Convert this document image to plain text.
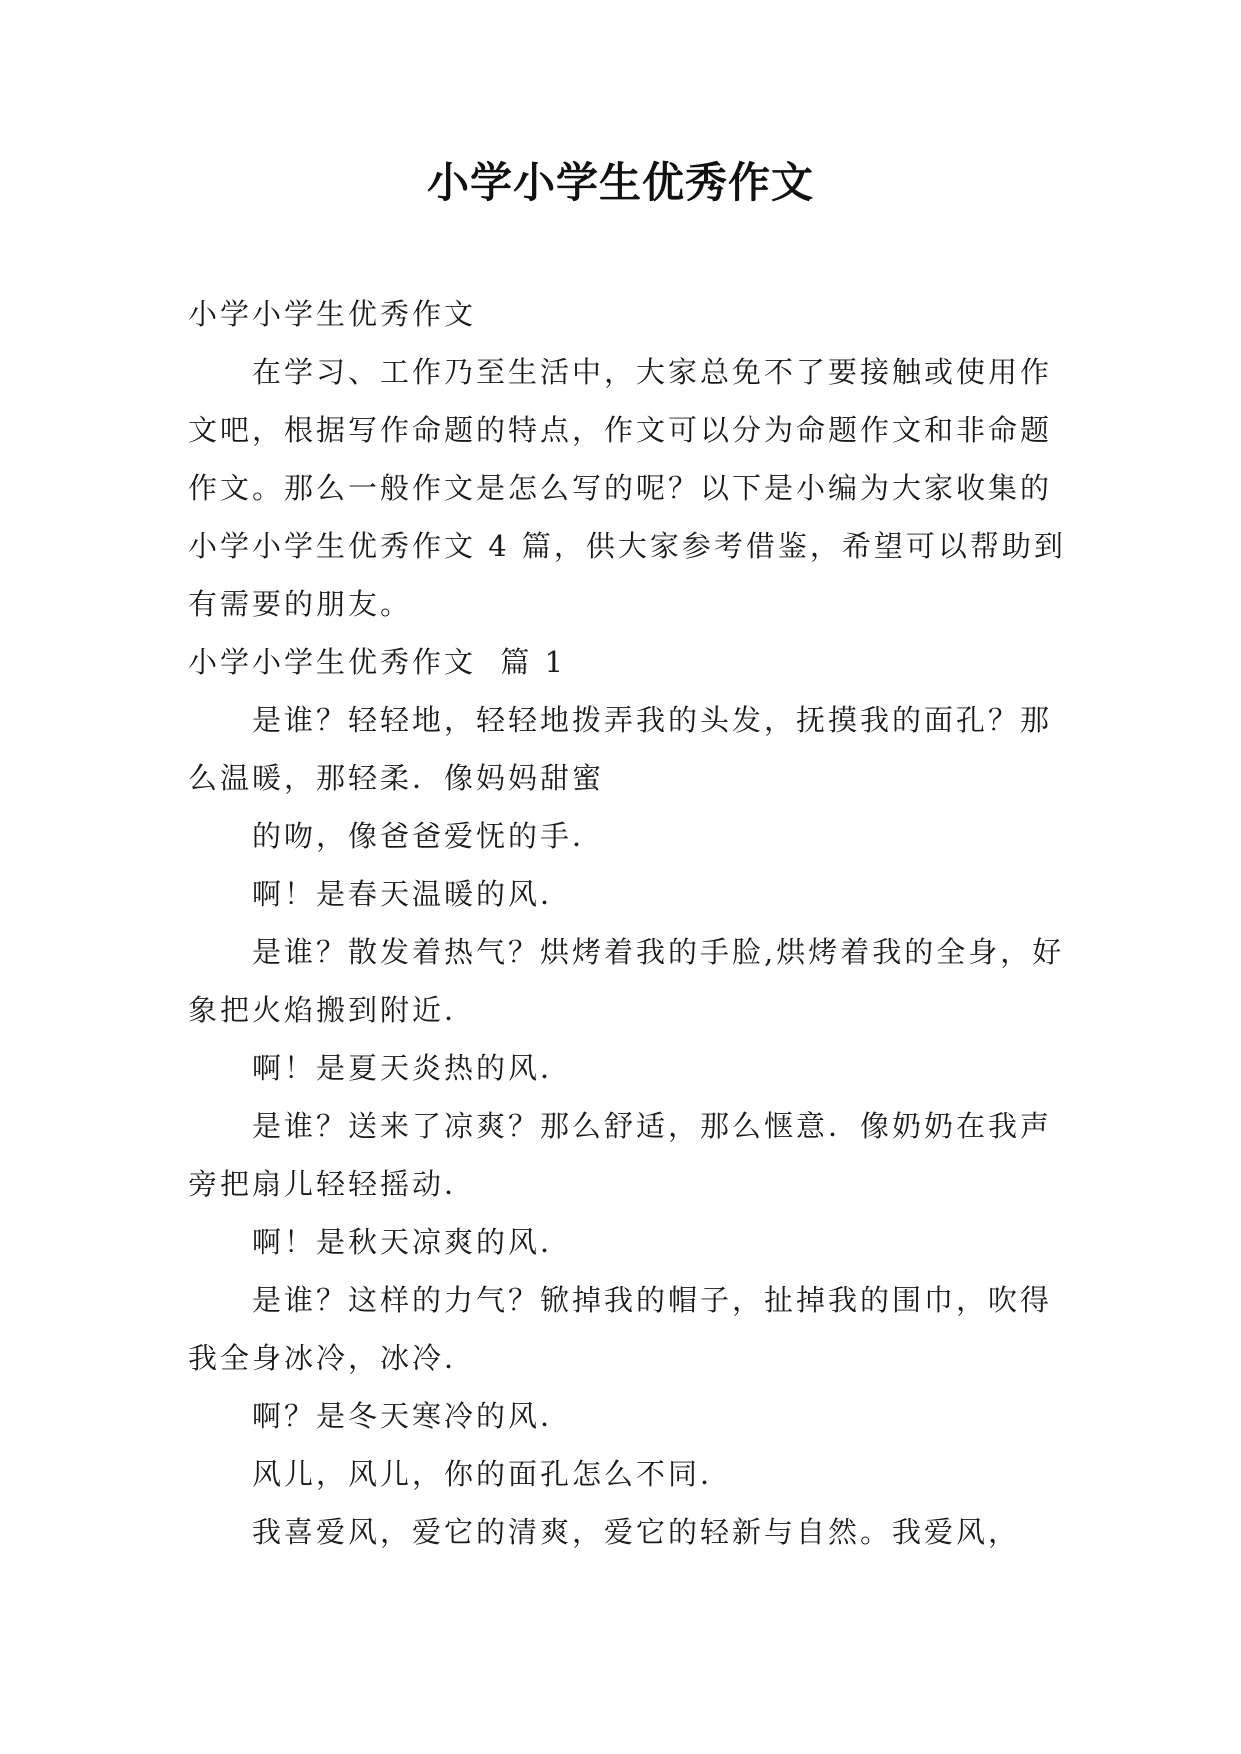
小学小学生优秀作文

小学小学生优秀作文

在学习、工作乃至生活中，大家总免不了要接触或使用作文吧，根据写作命题的特点，作文可以分为命题作文和非命题作文。那么一般作文是怎么写的呢？以下是小编为大家收集的小学小学生优秀作文 4 篇，供大家参考借鉴，希望可以帮助到有需要的朋友。

小学小学生优秀作文  篇 1

是谁？轻轻地，轻轻地拨弄我的头发，抚摸我的面孔？那么温暖，那轻柔．像妈妈甜蜜

的吻，像爸爸爱怃的手．

啊！是春天温暖的风．

是谁？散发着热气？烘烤着我的手脸,烘烤着我的全身，好象把火焰搬到附近．

啊！是夏天炎热的风．

是谁？送来了凉爽？那么舒适，那么惬意．像奶奶在我声旁把扇儿轻轻摇动．

啊！是秋天凉爽的风．

是谁？这样的力气？锨掉我的帽子，扯掉我的围巾，吹得我全身冰冷，冰冷．

啊？是冬天寒冷的风．

风儿，风儿，你的面孔怎么不同．

我喜爱风，爱它的清爽，爱它的轻新与自然。我爱风，
